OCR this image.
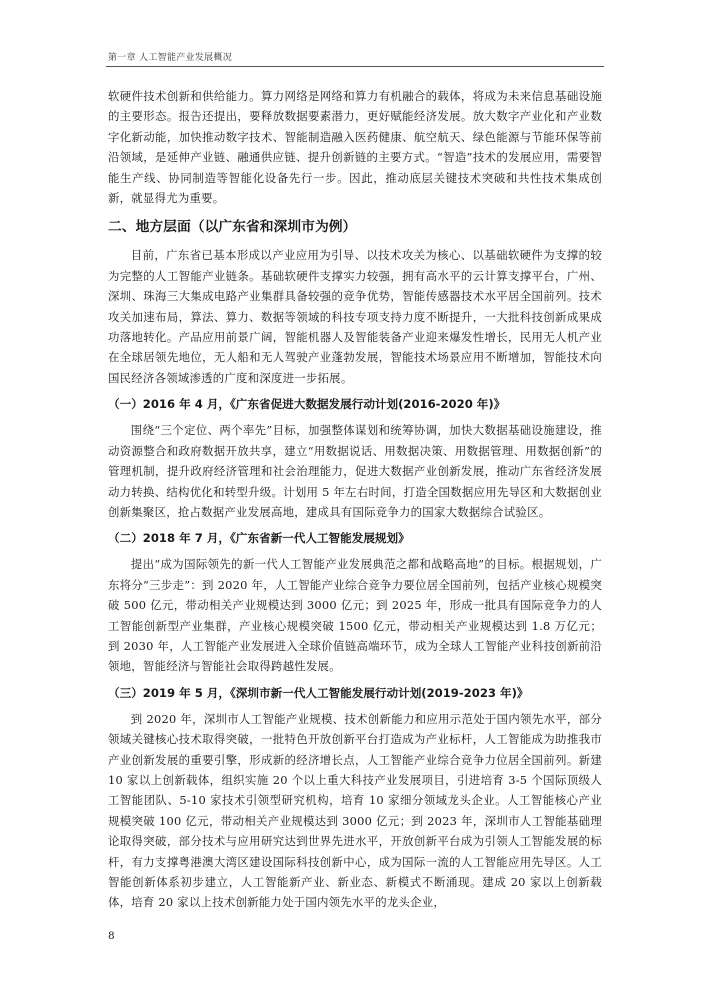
第一章 人工智能产业发展概况

软硬件技术创新和供给能力。算力网络是网络和算力有机融合的载体，将成为未来信息基础设施的主要形态。报告还提出，要释放数据要素潜力，更好赋能经济发展。放大数字产业化和产业数字化新动能，加快推动数字技术、智能制造融入医药健康、航空航天、绿色能源与节能环保等前沿领域，是延伸产业链、融通供应链、提升创新链的主要方式。“智造”技术的发展应用，需要智能生产线、协同制造等智能化设备先行一步。因此，推动底层关键技术突破和共性技术集成创新，就显得尤为重要。

二、地方层面（以广东省和深圳市为例）

目前，广东省已基本形成以产业应用为引导、以技术攻关为核心、以基础软硬件为支撑的较为完整的人工智能产业链条。基础软硬件支撑实力较强，拥有高水平的云计算支撑平台，广州、深圳、珠海三大集成电路产业集群具备较强的竞争优势，智能传感器技术水平居全国前列。技术攻关加速布局，算法、算力、数据等领域的科技专项支持力度不断提升，一大批科技创新成果成功落地转化。产品应用前景广阔，智能机器人及智能装备产业迎来爆发性增长，民用无人机产业在全球居领先地位，无人船和无人驾驶产业蓬勃发展，智能技术场景应用不断增加，智能技术向国民经济各领域渗透的广度和深度进一步拓展。

（一）2016 年 4 月，《广东省促进大数据发展行动计划(2016-2020 年)》

围绕“三个定位、两个率先”目标，加强整体谋划和统筹协调，加快大数据基础设施建设，推动资源整合和政府数据开放共享，建立“用数据说话、用数据决策、用数据管理、用数据创新”的管理机制，提升政府经济管理和社会治理能力，促进大数据产业创新发展，推动广东省经济发展动力转换、结构优化和转型升级。计划用 5 年左右时间，打造全国数据应用先导区和大数据创业创新集聚区，抢占数据产业发展高地，建成具有国际竞争力的国家大数据综合试验区。

（二）2018 年 7 月，《广东省新一代人工智能发展规划》

提出“成为国际领先的新一代人工智能产业发展典范之都和战略高地”的目标。根据规划，广东将分“三步走”：到 2020 年，人工智能产业综合竞争力要位居全国前列，包括产业核心规模突破 500 亿元，带动相关产业规模达到 3000 亿元；到 2025 年，形成一批具有国际竞争力的人工智能创新型产业集群，产业核心规模突破 1500 亿元，带动相关产业规模达到 1.8 万亿元；到 2030 年，人工智能产业发展进入全球价值链高端环节，成为全球人工智能产业科技创新前沿领地，智能经济与智能社会取得跨越性发展。

（三）2019 年 5 月，《深圳市新一代人工智能发展行动计划(2019-2023 年)》

到 2020 年，深圳市人工智能产业规模、技术创新能力和应用示范处于国内领先水平，部分领域关键核心技术取得突破，一批特色开放创新平台打造成为产业标杆，人工智能成为助推我市产业创新发展的重要引擎，形成新的经济增长点，人工智能产业综合竞争力位居全国前列。新建 10 家以上创新载体，组织实施 20 个以上重大科技产业发展项目，引进培育 3-5 个国际顶级人工智能团队、5-10 家技术引领型研究机构，培育 10 家细分领域龙头企业。人工智能核心产业规模突破 100 亿元，带动相关产业规模达到 3000 亿元；到 2023 年，深圳市人工智能基础理论取得突破，部分技术与应用研究达到世界先进水平，开放创新平台成为引领人工智能发展的标杆，有力支撑粤港澳大湾区建设国际科技创新中心，成为国际一流的人工智能应用先导区。人工智能创新体系初步建立，人工智能新产业、新业态、新模式不断涌现。建成 20 家以上创新载体，培育 20 家以上技术创新能力处于国内领先水平的龙头企业，

8
